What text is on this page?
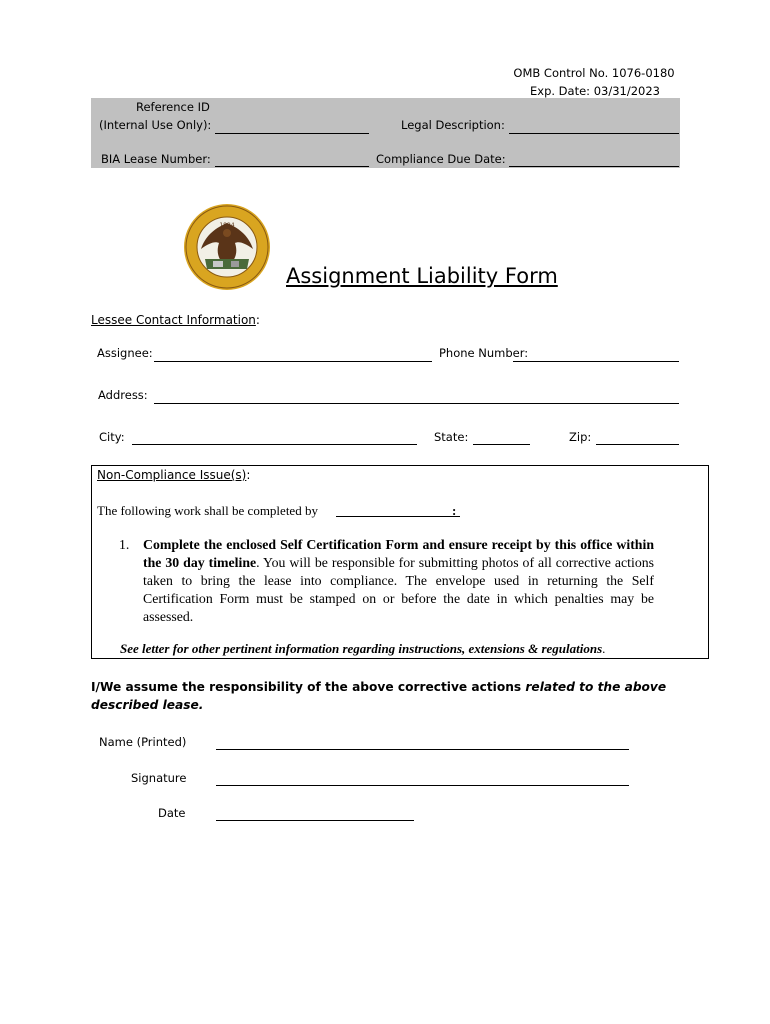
OMB Control No. 1076-0180
Exp. Date: 03/31/2023
Reference ID
(Internal Use Only):	Legal Description:
BIA Lease Number:	Compliance Due Date:
1824
Assignment Liability Form
Lessee Contact Information:
Assignee:	Phone Number:
Address:
City:	State:	Zip:
Non-Compliance Issue(s):
The following work shall be completed by	:
1. Complete the enclosed Self Certification Form and ensure receipt by this office within the 30 day timeline. You will be responsible for submitting photos of all corrective actions taken to bring the lease into compliance. The envelope used in returning the Self Certification Form must be stamped on or before the date in which penalties may be assessed.
See letter for other pertinent information regarding instructions, extensions & regulations.
I/We assume the responsibility of the above corrective actions related to the above described lease.
Name (Printed)
Signature
Date
